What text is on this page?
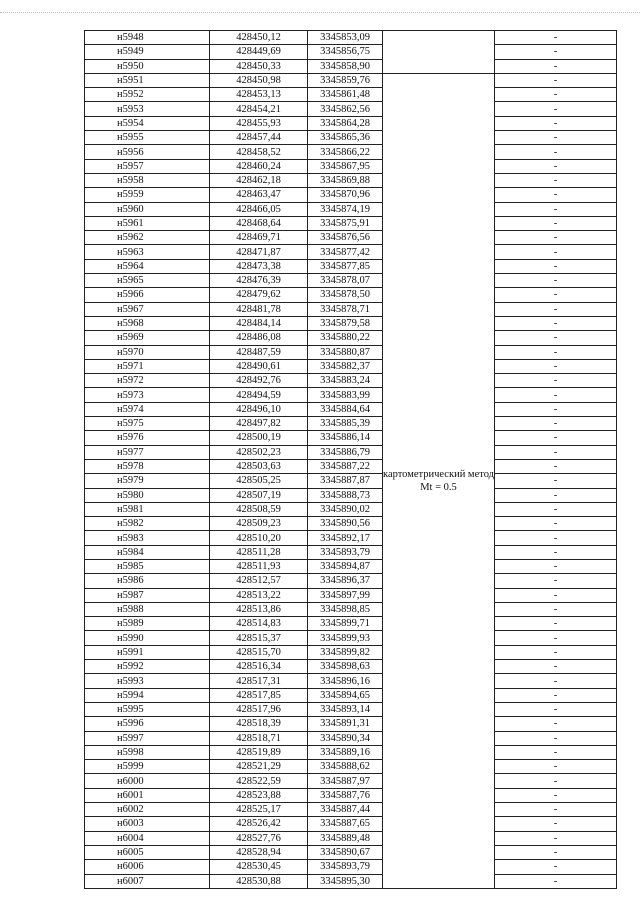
н5948	428450,12	3345853,09		-
н5949	428449,69	3345856,75		-
н5950	428450,33	3345858,90		-
н5951	428450,98	3345859,76	картометрический метод Mt = 0.5	-
н5952	428453,13	3345861,48		-
н5953	428454,21	3345862,56		-
н5954	428455,93	3345864,28		-
н5955	428457,44	3345865,36		-
н5956	428458,52	3345866,22		-
н5957	428460,24	3345867,95		-
н5958	428462,18	3345869,88		-
н5959	428463,47	3345870,96		-
н5960	428466,05	3345874,19		-
н5961	428468,64	3345875,91		-
н5962	428469,71	3345876,56		-
н5963	428471,87	3345877,42		-
н5964	428473,38	3345877,85		-
н5965	428476,39	3345878,07		-
н5966	428479,62	3345878,50		-
н5967	428481,78	3345878,71		-
н5968	428484,14	3345879,58		-
н5969	428486,08	3345880,22		-
н5970	428487,59	3345880,87		-
н5971	428490,61	3345882,37		-
н5972	428492,76	3345883,24		-
н5973	428494,59	3345883,99		-
н5974	428496,10	3345884,64		-
н5975	428497,82	3345885,39		-
н5976	428500,19	3345886,14		-
н5977	428502,23	3345886,79		-
н5978	428503,63	3345887,22		-
н5979	428505,25	3345887,87		-
н5980	428507,19	3345888,73		-
н5981	428508,59	3345890,02		-
н5982	428509,23	3345890,56		-
н5983	428510,20	3345892,17		-
н5984	428511,28	3345893,79		-
н5985	428511,93	3345894,87		-
н5986	428512,57	3345896,37		-
н5987	428513,22	3345897,99		-
н5988	428513,86	3345898,85		-
н5989	428514,83	3345899,71		-
н5990	428515,37	3345899,93		-
н5991	428515,70	3345899,82		-
н5992	428516,34	3345898,63		-
н5993	428517,31	3345896,16		-
н5994	428517,85	3345894,65		-
н5995	428517,96	3345893,14		-
н5996	428518,39	3345891,31		-
н5997	428518,71	3345890,34		-
н5998	428519,89	3345889,16		-
н5999	428521,29	3345888,62		-
н6000	428522,59	3345887,97		-
н6001	428523,88	3345887,76		-
н6002	428525,17	3345887,44		-
н6003	428526,42	3345887,65		-
н6004	428527,76	3345889,48		-
н6005	428528,94	3345890,67		-
н6006	428530,45	3345893,79		-
н6007	428530,88	3345895,30		-
